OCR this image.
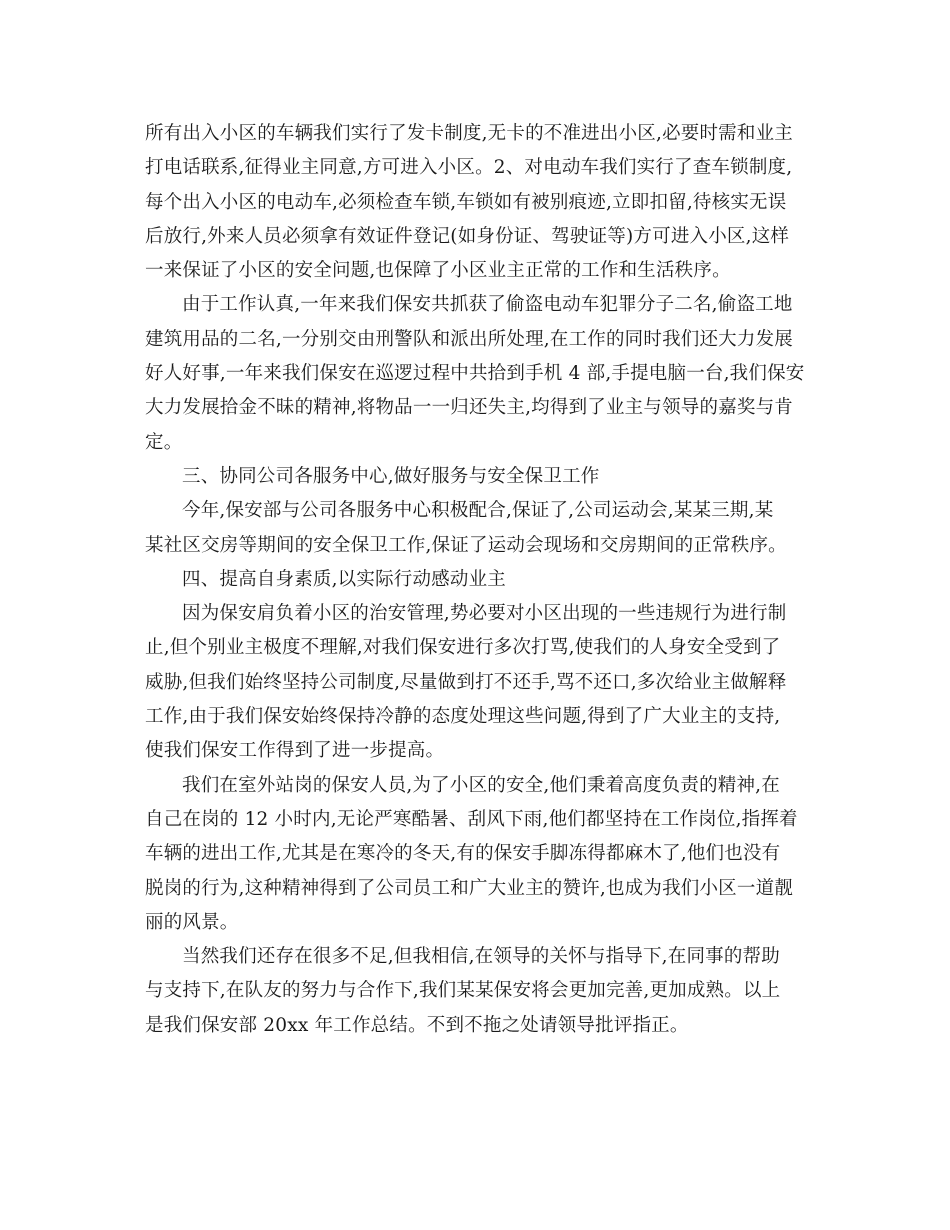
所有出入小区的车辆我们实行了发卡制度,无卡的不准进出小区,必要时需和业主
打电话联系,征得业主同意,方可进入小区。2、对电动车我们实行了查车锁制度,
每个出入小区的电动车,必须检查车锁,车锁如有被别痕迹,立即扣留,待核实无误
后放行,外来人员必须拿有效证件登记(如身份证、驾驶证等)方可进入小区,这样
一来保证了小区的安全问题,也保障了小区业主正常的工作和生活秩序。

由于工作认真,一年来我们保安共抓获了偷盗电动车犯罪分子二名,偷盗工地
建筑用品的二名,一分别交由刑警队和派出所处理,在工作的同时我们还大力发展
好人好事,一年来我们保安在巡逻过程中共拾到手机 4 部,手提电脑一台,我们保安
大力发展拾金不昧的精神,将物品一一归还失主,均得到了业主与领导的嘉奖与肯
定。

三、协同公司各服务中心,做好服务与安全保卫工作

今年,保安部与公司各服务中心积极配合,保证了,公司运动会,某某三期,某
某社区交房等期间的安全保卫工作,保证了运动会现场和交房期间的正常秩序。

四、提高自身素质,以实际行动感动业主

因为保安肩负着小区的治安管理,势必要对小区出现的一些违规行为进行制
止,但个别业主极度不理解,对我们保安进行多次打骂,使我们的人身安全受到了
威胁,但我们始终坚持公司制度,尽量做到打不还手,骂不还口,多次给业主做解释
工作,由于我们保安始终保持冷静的态度处理这些问题,得到了广大业主的支持,
使我们保安工作得到了进一步提高。

我们在室外站岗的保安人员,为了小区的安全,他们秉着高度负责的精神,在
自己在岗的 12 小时内,无论严寒酷暑、刮风下雨,他们都坚持在工作岗位,指挥着
车辆的进出工作,尤其是在寒冷的冬天,有的保安手脚冻得都麻木了,他们也没有
脱岗的行为,这种精神得到了公司员工和广大业主的赞许,也成为我们小区一道靓
丽的风景。

当然我们还存在很多不足,但我相信,在领导的关怀与指导下,在同事的帮助
与支持下,在队友的努力与合作下,我们某某保安将会更加完善,更加成熟。以上
是我们保安部 20xx 年工作总结。不到不拖之处请领导批评指正。
